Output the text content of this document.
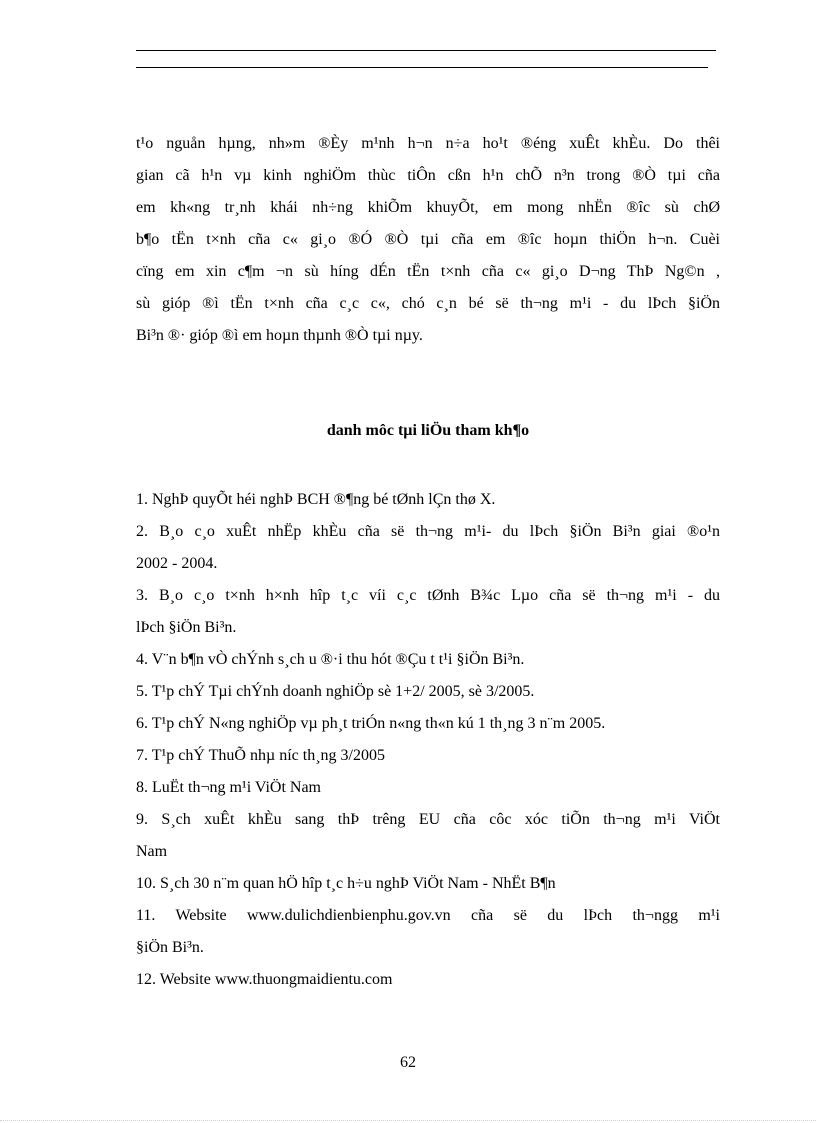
t¹o nguån hµng, nh»m ®Èy m¹nh h¬n n÷a ho¹t ®éng xuÊt khÈu. Do thêi
gian cã h¹n vµ kinh nghiÖm thùc tiÔn cßn h¹n chÕ n³n trong ®Ò tµi cña
em kh«ng tr¸nh khái nh÷ng khiÕm khuyÕt, em mong nhËn ®îc sù chØ
b¶o tËn t×nh cña c« gi¸o ®Ó ®Ò tµi cña em ®îc hoµn thiÖn h¬n. Cuèi
cïng em xin c¶m ¬n sù híng dÉn tËn t×nh cña c« gi¸o D¬ng ThÞ Ng©n ,
sù gióp ®ì tËn t×nh cña c¸c c«, chó c¸n bé së th¬ng m¹i - du lÞch §iÖn
Bi³n ®· gióp ®ì em hoµn thµnh ®Ò tµi nµy.
danh môc tµi liÖu tham kh¶o
1. NghÞ quyÕt héi nghÞ BCH ®¶ng bé tØnh lÇn thø X.
2. B¸o c¸o xuÊt nhËp khÈu cña së th¬ng m¹i- du lÞch §iÖn Bi³n giai ®o¹n
2002 - 2004.
3. B¸o c¸o t×nh h×nh hîp t¸c víi c¸c tØnh B¾c Lµo cña së th¬ng m¹i - du
lÞch §iÖn Bi³n.
4. V¨n b¶n vÒ chÝnh s¸ch u ®·i thu hót ®Çu t t¹i §iÖn Bi³n.
5. T¹p chÝ Tµi chÝnh doanh nghiÖp sè 1+2/ 2005, sè 3/2005.
6. T¹p chÝ N«ng nghiÖp vµ ph¸t triÓn n«ng th«n kú 1 th¸ng 3 n¨m 2005.
7. T¹p chÝ ThuÕ nhµ níc th¸ng 3/2005
8. LuËt th¬ng m¹i ViÖt Nam
9. S¸ch xuÊt khÈu sang thÞ trêng EU cña côc xóc tiÕn th¬ng m¹i ViÖt
Nam
10. S¸ch 30 n¨m quan hÖ hîp t¸c h÷u nghÞ ViÖt Nam - NhËt B¶n
11. Website www.dulichdienbienphu.gov.vn cña së du lÞch th¬ngg m¹i
§iÖn Bi³n.
12. Website www.thuongmaidientu.com
62
